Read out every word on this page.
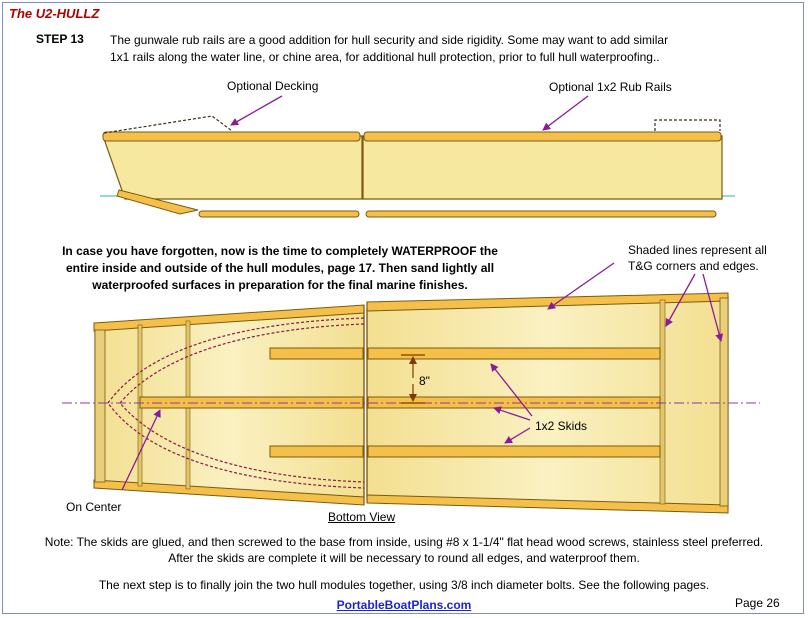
The U2-HULLZ
STEP 13 The gunwale rub rails are a good addition for hull security and side rigidity. Some may want to add similar
1x1 rails along the water line, or chine area, for additional hull protection, prior to full hull waterproofing..
Optional Decking	Optional 1x2 Rub Rails
In case you have forgotten, now is the time to completely WATERPROOF the
entire inside and outside of the hull modules, page 17. Then sand lightly all
waterproofed surfaces in preparation for the final marine finishes.
Shaded lines represent all
T&G corners and edges.
8"
1x2 Skids
On Center
Bottom View
Note: The skids are glued, and then screwed to the base from inside, using #8 x 1-1/4" flat head wood screws, stainless steel preferred.
After the skids are complete it will be necessary to round all edges, and waterproof them.
The next step is to finally join the two hull modules together, using 3/8 inch diameter bolts. See the following pages.
PortableBoatPlans.com	Page 26
